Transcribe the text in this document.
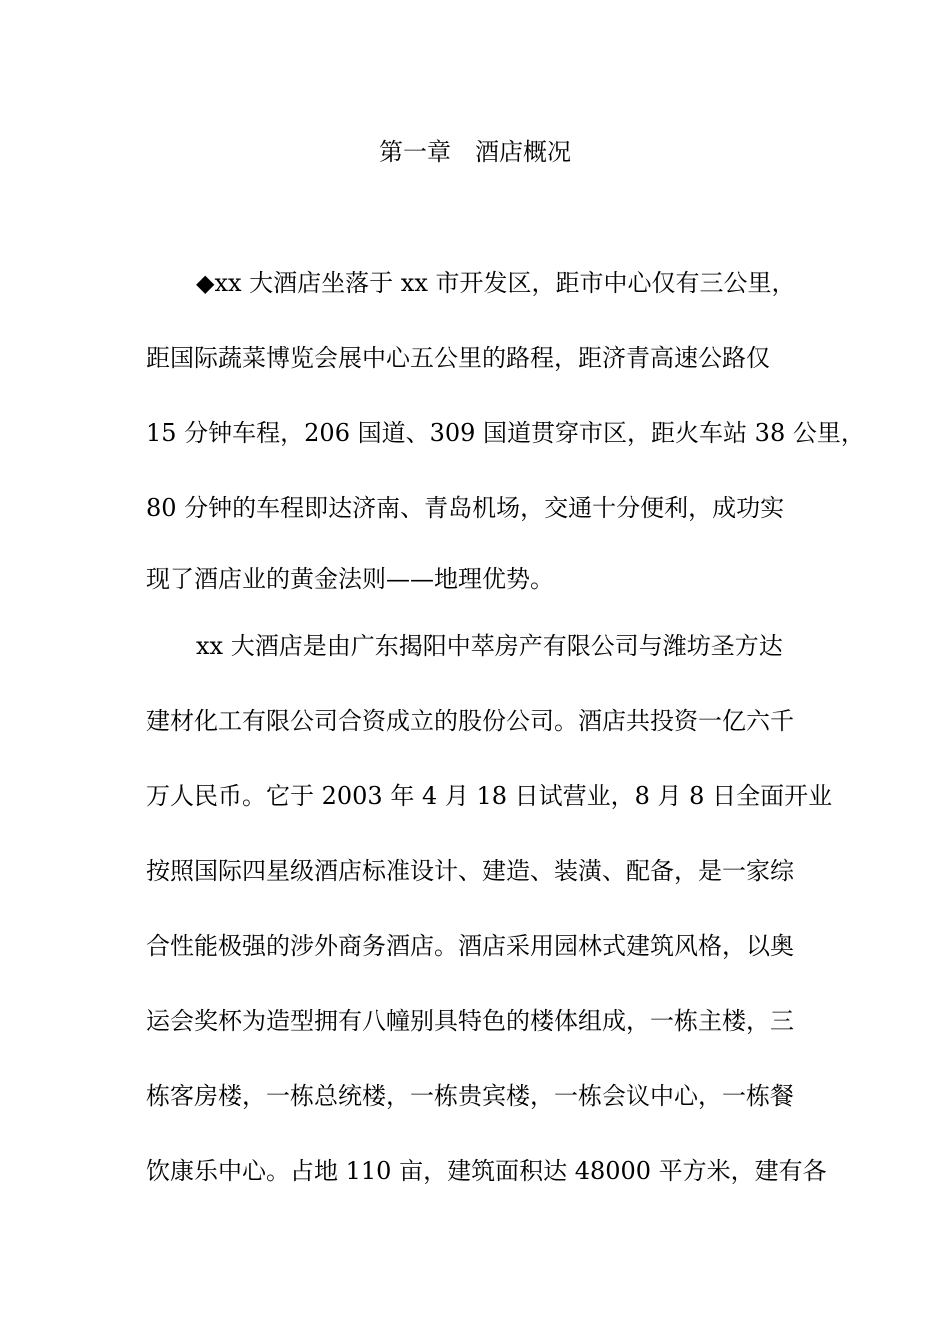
第一章　酒店概况
◆xx 大酒店坐落于 xx 市开发区，距市中心仅有三公里，
距国际蔬菜博览会展中心五公里的路程，距济青高速公路仅
15 分钟车程，206 国道、309 国道贯穿市区，距火车站 38 公里，
80 分钟的车程即达济南、青岛机场，交通十分便利，成功实
现了酒店业的黄金法则——地理优势。
xx 大酒店是由广东揭阳中萃房产有限公司与潍坊圣方达
建材化工有限公司合资成立的股份公司。酒店共投资一亿六千
万人民币。它于 2003 年 4 月 18 日试营业，8 月 8 日全面开业
按照国际四星级酒店标准设计、建造、装潢、配备，是一家综
合性能极强的涉外商务酒店。酒店采用园林式建筑风格，以奥
运会奖杯为造型拥有八幢别具特色的楼体组成，一栋主楼，三
栋客房楼，一栋总统楼，一栋贵宾楼，一栋会议中心，一栋餐
饮康乐中心。占地 110 亩，建筑面积达 48000 平方米，建有各
